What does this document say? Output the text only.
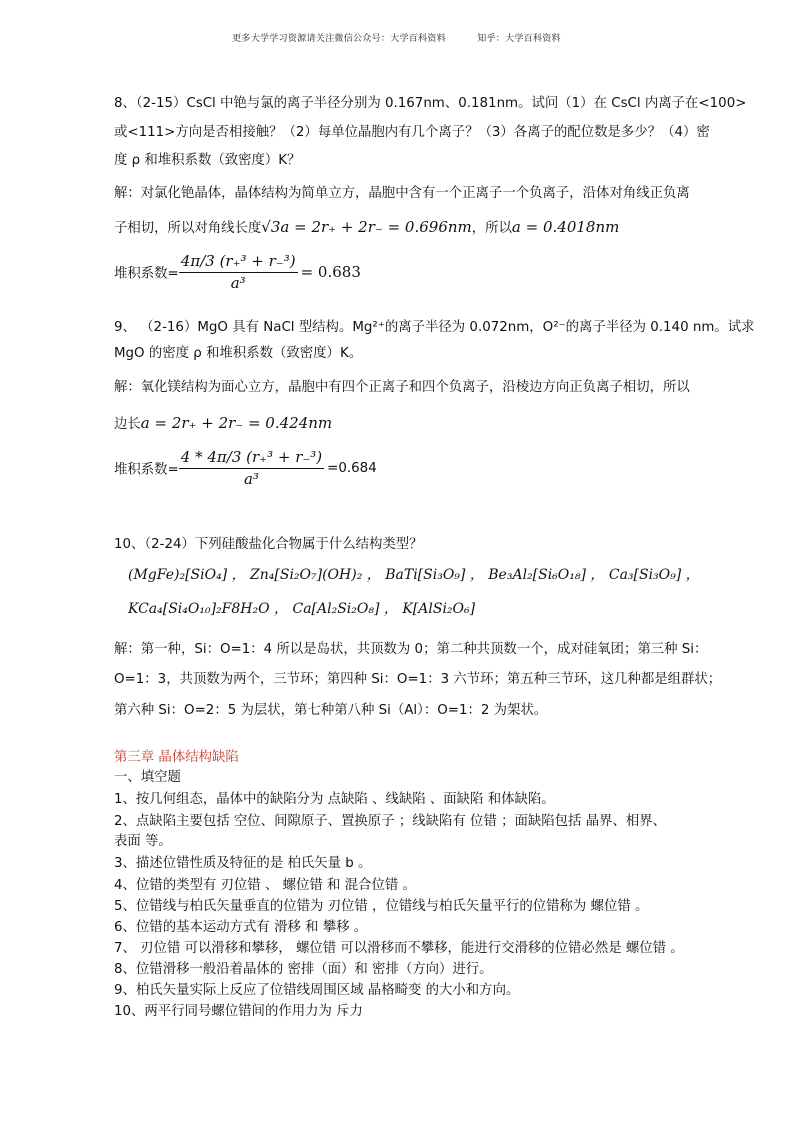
更多大学学习资源请关注微信公众号：大学百科资料	知乎：大学百科资料
8、（2-15）CsCl 中铯与氯的离子半径分别为 0.167nm、0.181nm。试问（1）在 CsCl 内离子在<100>
或<111>方向是否相接触？（2）每单位晶胞内有几个离子？（3）各离子的配位数是多少？（4）密
度 ρ 和堆积系数（致密度）K？
解：对氯化铯晶体，晶体结构为简单立方，晶胞中含有一个正离子一个负离子，沿体对角线正负离
子相切，所以对角线长度√3a = 2r₊ + 2r₋ = 0.696nm，所以a = 0.4018nm
堆积系数= $\frac{\text{4π/3 (r₊³ + r₋³)}}{\text{a³}} = 0.683$
9、 （2-16）MgO 具有 NaCl 型结构。Mg²⁺的离子半径为 0.072nm，O²⁻的离子半径为 0.140 nm。试求
MgO 的密度 ρ 和堆积系数（致密度）K。
解：氧化镁结构为面心立方，晶胞中有四个正离子和四个负离子，沿棱边方向正负离子相切，所以
边长a = 2r₊ + 2r₋ = 0.424nm
堆积系数= $\frac{\text{4 * 4π/3 (r₊³ + r₋³)}}{\text{a³}} =0.684$
10、（2-24）下列硅酸盐化合物属于什么结构类型？
(MgFe)₂[SiO₄] ， Zn₄[Si₂O₇](OH)₂ ， BaTi[Si₃O₉] ， Be₃Al₂[Si₆O₁₈] ， Ca₃[Si₃O₉] ，
KCa₄[Si₄O₁₀]₂F8H₂O ， Ca[Al₂Si₂O₈] ， K[AlSi₂O₆]
解：第一种，Si：O=1：4 所以是岛状，共顶数为 0；第二种共顶数一个，成对硅氧团；第三种 Si：
O=1：3，共顶数为两个，三节环；第四种 Si：O=1：3 六节环；第五种三节环，这几种都是组群状；
第六种 Si：O=2：5 为层状，第七种第八种 Si（Al）：O=1：2 为架状。
第三章 晶体结构缺陷
一、填空题
1、按几何组态，晶体中的缺陷分为 点缺陷 、线缺陷 、面缺陷 和体缺陷。
2、点缺陷主要包括 空位、间隙原子、置换原子 ；线缺陷有 位错 ；面缺陷包括 晶界、相界、
表面 等。
3、描述位错性质及特征的是 柏氏矢量 b 。
4、位错的类型有 刃位错 、 螺位错 和 混合位错 。
5、位错线与柏氏矢量垂直的位错为 刃位错 ，位错线与柏氏矢量平行的位错称为 螺位错 。
6、位错的基本运动方式有 滑移 和 攀移 。
7、 刃位错 可以滑移和攀移， 螺位错 可以滑移而不攀移，能进行交滑移的位错必然是 螺位错 。
8、位错滑移一般沿着晶体的 密排（面）和 密排（方向）进行。
9、柏氏矢量实际上反应了位错线周围区域 晶格畸变 的大小和方向。
10、两平行同号螺位错间的作用力为 斥力
